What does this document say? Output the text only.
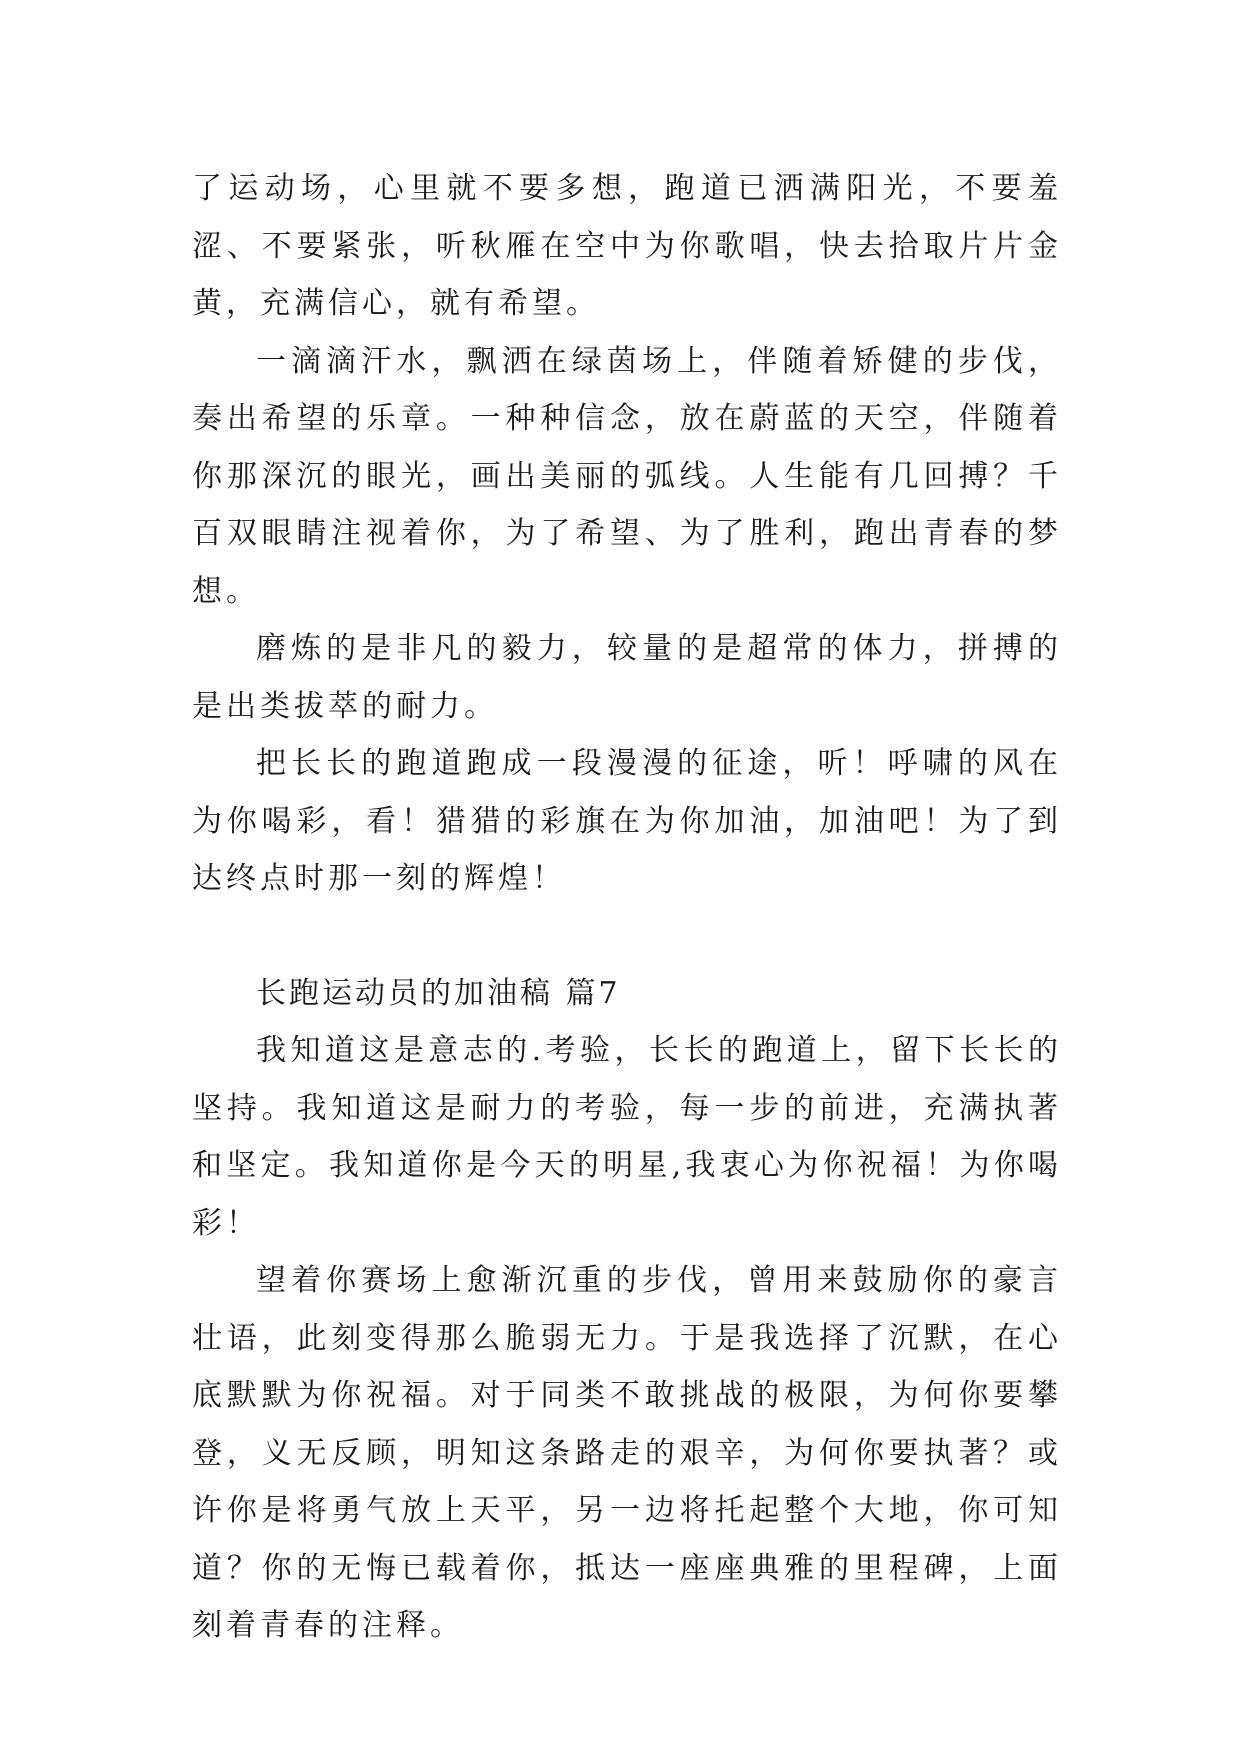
了运动场，心里就不要多想，跑道已洒满阳光，不要羞涩、不要紧张，听秋雁在空中为你歌唱，快去拾取片片金黄，充满信心，就有希望。

一滴滴汗水，飘洒在绿茵场上，伴随着矫健的步伐，奏出希望的乐章。一种种信念，放在蔚蓝的天空，伴随着你那深沉的眼光，画出美丽的弧线。人生能有几回搏？千百双眼睛注视着你，为了希望、为了胜利，跑出青春的梦想。

磨炼的是非凡的毅力，较量的是超常的体力，拼搏的是出类拔萃的耐力。

把长长的跑道跑成一段漫漫的征途，听！呼啸的风在为你喝彩，看！猎猎的彩旗在为你加油，加油吧！为了到达终点时那一刻的辉煌！

长跑运动员的加油稿 篇7

我知道这是意志的.考验，长长的跑道上，留下长长的坚持。我知道这是耐力的考验，每一步的前进，充满执著和坚定。我知道你是今天的明星,我衷心为你祝福！为你喝彩！

望着你赛场上愈渐沉重的步伐，曾用来鼓励你的豪言壮语，此刻变得那么脆弱无力。于是我选择了沉默，在心底默默为你祝福。对于同类不敢挑战的极限，为何你要攀登，义无反顾，明知这条路走的艰辛，为何你要执著？或许你是将勇气放上天平，另一边将托起整个大地，你可知道？你的无悔已载着你，抵达一座座典雅的里程碑，上面刻着青春的注释。
